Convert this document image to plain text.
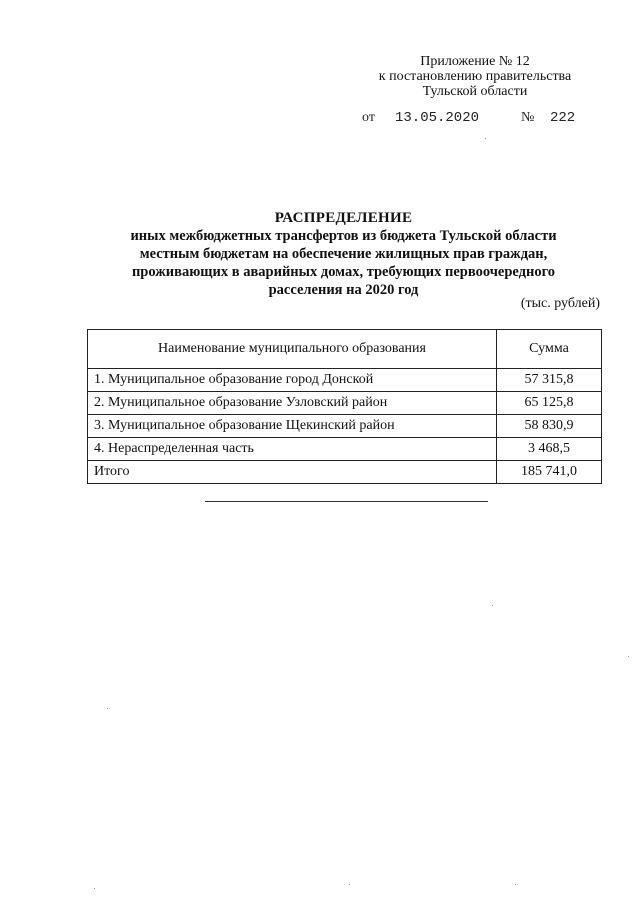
Приложение № 12
к постановлению правительства
Тульской области
от 13.05.2020	№ 222
РАСПРЕДЕЛЕНИЕ
иных межбюджетных трансфертов из бюджета Тульской области
местным бюджетам на обеспечение жилищных прав граждан,
проживающих в аварийных домах, требующих первоочередного
расселения на 2020 год
(тыс. рублей)
Наименование муниципального образования	Сумма
1. Муниципальное образование город Донской	57 315,8
2. Муниципальное образование Узловский район	65 125,8
3. Муниципальное образование Щекинский район	58 830,9
4. Нераспределенная часть	3 468,5
Итого	185 741,0
